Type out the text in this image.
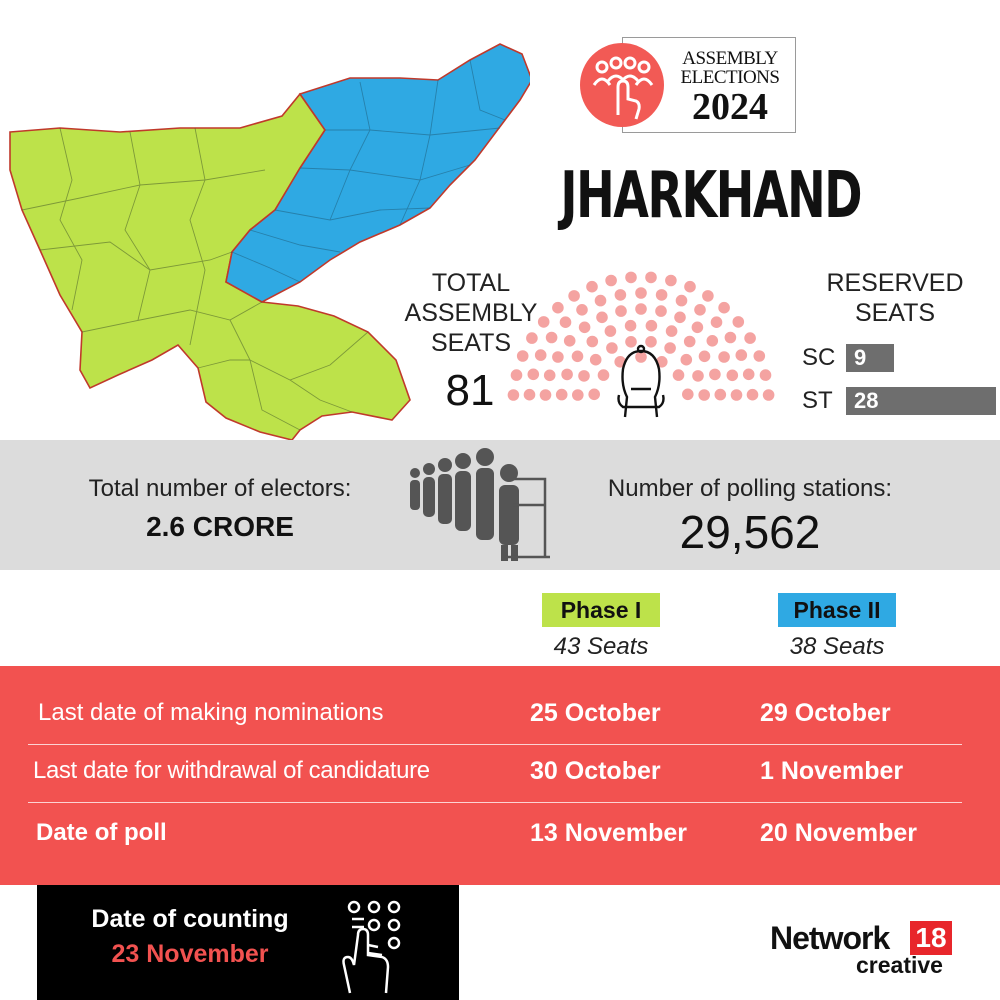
ASSEMBLY
ELECTIONS
2024
JHARKHAND
TOTAL ASSEMBLY SEATS
81
RESERVED SEATS
SC 9
ST 28
Total number of electors:
2.6 CRORE
Number of polling stations:
29,562
Phase I	Phase II
43 Seats	38 Seats
Last date of making nominations	25 October	29 October
Last date for withdrawal of candidature	30 October	1 November
Date of poll	13 November	20 November
Date of counting
23 November	Network 18
creative
